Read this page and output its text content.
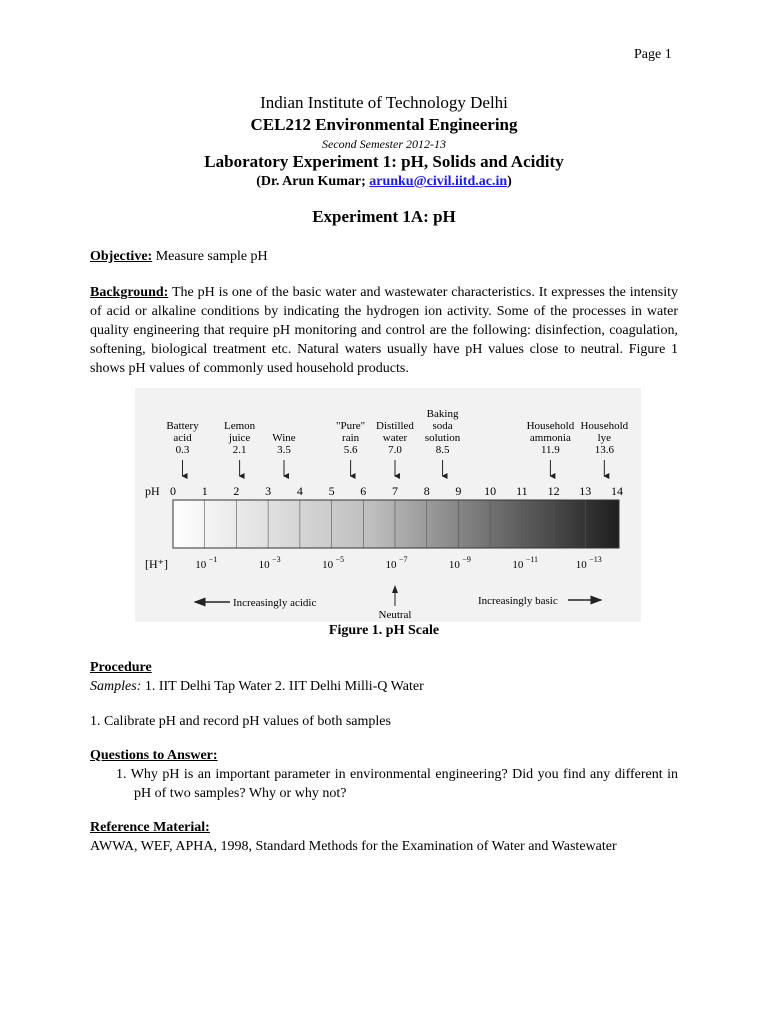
Page 1
Indian Institute of Technology Delhi
CEL212 Environmental Engineering
Second Semester 2012-13
Laboratory Experiment 1: pH, Solids and Acidity
(Dr. Arun Kumar; arunku@civil.iitd.ac.in)
Experiment 1A: pH
Objective: Measure sample pH
Background: The pH is one of the basic water and wastewater characteristics. It expresses the intensity of acid or alkaline conditions by indicating the hydrogen ion activity. Some of the processes in water quality engineering that require pH monitoring and control are the following: disinfection, coagulation, softening, biological treatment etc. Natural waters usually have pH values close to neutral. Figure 1 shows pH values of commonly used household products.
Battery
acid
0.3
Lemon
juice
2.1
Wine
3.5
"Pure"
rain
5.6
Distilled
water
7.0
Baking
soda
solution
8.5
Household
ammonia
11.9
Household
lye
13.6
pH 0 1 2 3 4 5 6 7 8 9 10 11 12 13 14
[H⁺] 10 −1	10 −3	10 −5	10 −7	10 −9	10 −11	10 −13
Increasingly acidic	Increasingly basic
Neutral
Figure 1. pH Scale
Procedure
Samples: 1. IIT Delhi Tap Water 2. IIT Delhi Milli-Q Water
1. Calibrate pH and record pH values of both samples
Questions to Answer:
1. Why pH is an important parameter in environmental engineering? Did you find any different in pH of two samples? Why or why not?
Reference Material:
AWWA, WEF, APHA, 1998, Standard Methods for the Examination of Water and Wastewater
